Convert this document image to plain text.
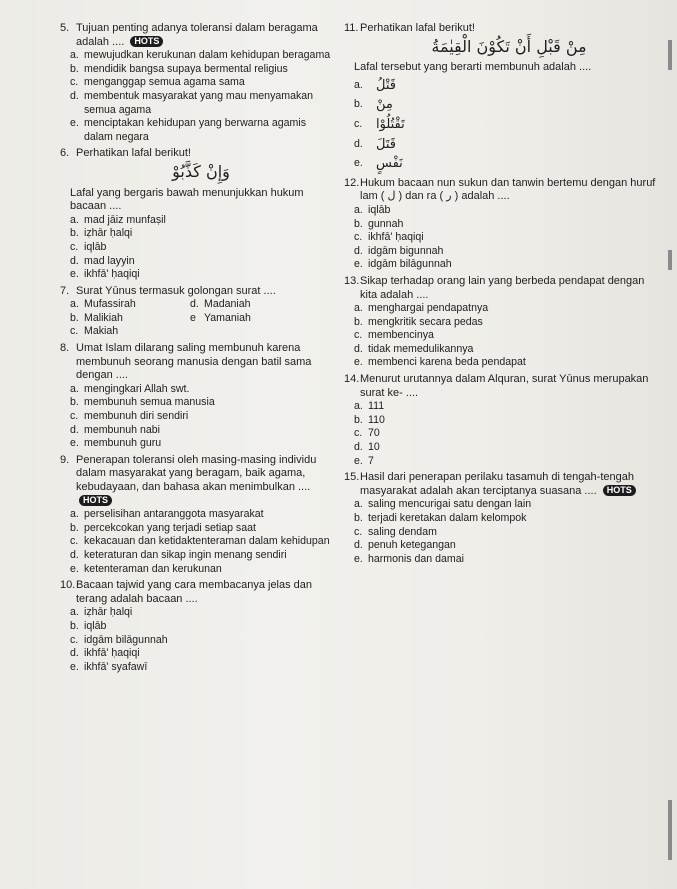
5. Tujuan penting adanya toleransi dalam beragama adalah .... HOTS
a. mewujudkan kerukunan dalam kehidupan beragama
b. mendidik bangsa supaya bermental religius
c. menganggap semua agama sama
d. membentuk masyarakat yang mau menyamakan semua agama
e. menciptakan kehidupan yang berwarna agamis dalam negara
6. Perhatikan lafal berikut!
وَإِنْ كَذَّبُوْ
Lafal yang bergaris bawah menunjukkan hukum bacaan ....
a. mad jāiz munfaṣil
b. iẓhār ḥalqi
c. iqlāb
d. mad layyin
e. ikhfā' ḥaqiqi
7. Surat Yūnus termasuk golongan surat ....
a. Mufassirah	d. Madaniah
b. Malikiah	e Yamaniah
c. Makiah
8. Umat Islam dilarang saling membunuh karena membunuh seorang manusia dengan batil sama dengan ....
a. mengingkari Allah swt.
b. membunuh semua manusia
c. membunuh diri sendiri
d. membunuh nabi
e. membunuh guru
9. Penerapan toleransi oleh masing-masing individu dalam masyarakat yang beragam, baik agama, kebudayaan, dan bahasa akan menimbulkan .... HOTS
a. perselisihan antaranggota masyarakat
b. percekcokan yang terjadi setiap saat
c. kekacauan dan ketidaktenteraman dalam kehidupan
d. keteraturan dan sikap ingin menang sendiri
e. ketenteraman dan kerukunan
10. Bacaan tajwid yang cara membacanya jelas dan terang adalah bacaan ....
a. iẓhār ḥalqi
b. iqlāb
c. idgām bilāgunnah
d. ikhfā' ḥaqiqi
e. ikhfā' syafawī
11. Perhatikan lafal berikut!
مِنْ قَبْلِ أَنْ تَكُوْنَ الْقِيٰمَةُ
Lafal tersebut yang berarti membunuh adalah ....
a.	قَتْلُ
b.	مِنْ
c.	تَقْتُلُوْا
d.	قَتَلَ
e.	نَفْسٍ
12. Hukum bacaan nun sukun dan tanwin bertemu dengan huruf lam ( ل ) dan ra ( ر ) adalah ....
a. iqlāb
b. gunnah
c. ikhfā' ḥaqiqi
d. idgām bigunnah
e. idgām bilāgunnah
13. Sikap terhadap orang lain yang berbeda pendapat dengan kita adalah ....
a. menghargai pendapatnya
b. mengkritik secara pedas
c. membencinya
d. tidak memedulikannya
e. membenci karena beda pendapat
14. Menurut urutannya dalam Alquran, surat Yūnus merupakan surat ke- ....
a. 111
b. 110
c. 70
d. 10
e. 7
15. Hasil dari penerapan perilaku tasamuh di tengah-tengah masyarakat adalah akan terciptanya suasana .... HOTS
a. saling mencurigai satu dengan lain
b. terjadi keretakan dalam kelompok
c. saling dendam
d. penuh ketegangan
e. harmonis dan damai
